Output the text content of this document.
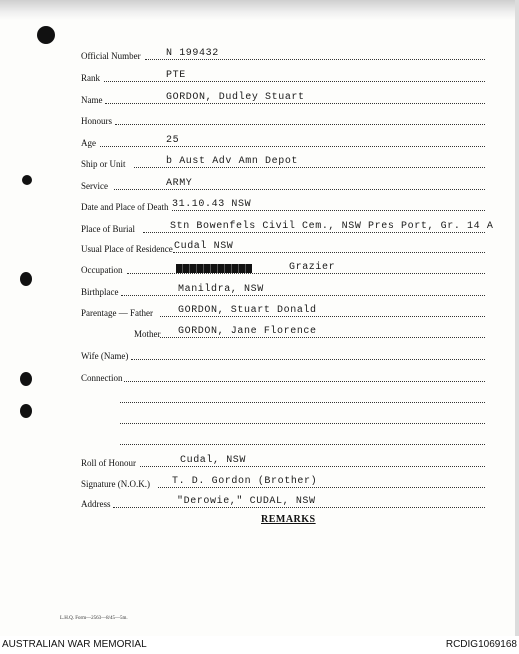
Official Number	N 199432
Rank	PTE
Name	GORDON, Dudley Stuart
Honours
Age	25
Ship or Unit	b Aust Adv Amn Depot
Service	ARMY
Date and Place of Death 31.10.43 NSW
Place of Burial	Stn Bowenfels Civil Cem., NSW Pres Port, Gr. 14 A
Usual Place of Residence Cudal NSW
Occupation	Grazier
Birthplace	Manildra, NSW
Parentage — Father	GORDON, Stuart Donald
Mother GORDON, Jane Florence
Wife (Name)
Connection
Roll of Honour	Cudal, NSW
Signature (N.O.K.) T. D. Gordon (Brother)
Address	"Derowie," CUDAL, NSW
REMARKS
L.H.Q. Form—2563—8/45—5m.
AUSTRALIAN WAR MEMORIAL	RCDIG1069168
